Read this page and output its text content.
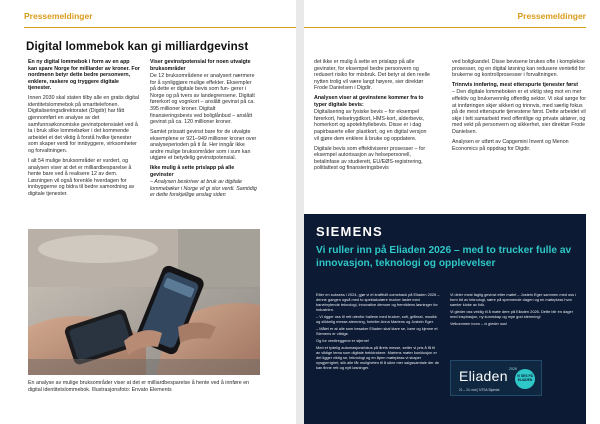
Pressemeldinger
Digital lommebok kan gi milliardgevinst

En ny digital lommebok i form av en app kan spare Norge for milliarder av kroner. For nordmenn betyr dette bedre personvern, enklere, raskere og tryggere digitale tjenester.

Innen 2030 skal staten tilby alle en gratis digital identitetslommebok på smarttelefonen. Digitaliseringsdirektoratet (Digdir) har fått gjennomført en analyse av det samfunnsøkonomiske gevinstpotensialet ved å ta i bruk slike lommebøker i det kommende arbeidet et det viktig å forstå hvilke tjenester som skaper verdi for innbyggere, virksomheter og forvaltningen.

I alt 54 mulige bruksområder er vurdert, og analysen viser at det er milliardbesparelse å hente bare ved å realisere 12 av dem. Løsningen vil også forenkle hverdagen for innbyggerne og bidra til bedre samordning av digitale tjenester.

Viser gevinstpotensial for noen utvalgte bruksområder

De 12 bruksområdene er analysert nærmere for å synliggjøre mulige effekter. Eksempler på dette er digitale bevis som fun- gerer i Norge og på tvers av landegrensene. Digitalt førerkort og vognkort – anslått gevinst på ca. 395 millioner kroner. Digitalt finansieringsbevis ved boliglånbud – anslått gevinst på ca. 120 millioner kroner.

Samlet prissatt gevinst bare for de utvalgte eksemplene er 921–949 millioner kroner over analyseperioden på ti år. Her inngår ikke andre mulige bruksområder som i sum kan utgjøre et betydelig gevinstpotensial.

Ikke mulig å sette prislapp på alle gevinster

– Analysen beskriver at bruk av digitale lommebøker i Norge vil gi stor verdi. Samtidig er dette forskjellige anslag siden

En analyse av mulige bruksområder viser at det er milliardbesparelse å hente ved å innføre en digital identitetslommebok. Illustrasjonsfoto: Envato Elements
Pressemeldinger

det ikke er mulig å sette en prislapp på alle gevinster, for eksempel bedre personvern og redusert risiko for misbruk. Det betyr at den reelle nytten trolig vil være langt høyere, sier direktør Frode Danielsen i Digdir.

Analysen viser at gevinstene kommer fra to typer digitale bevis:

Digitalisering av fysiske bevis – for eksempel førerkort, helsetrygdkort, HMS-kort, alderbevis, homerkort og apotekhyllebevis. Disse er i dag papirbaserte eller plastkort, og en digital versjon vil gjøre dem enklere å bruke og oppdatere.

Digitale bevis som effektiviserer prosesser – for eksempel autorisasjon av helsepersonell, betalinfase av studierett, EU/EØS-registrering, politiattest og finansieringsbevis

ved boligkandel. Disse bevisene brukes ofte i komplekse prosesser, og en digital løsning kan redusere ventetid for brukerne og kontrollprosesser i forvaltningen.

Trinnvis innføring, mest etterspurte tjenester først

– Den digitale lommeboken er et viktig steg mot en mer effektiv og brukervennlig offentlig sektor. Vi skal sørge for at innføringen skjer sikkert og trinnvis, med særlig fokus på de mest etterspurte tjenestene først. Dette arbeidet vil skje i tett samarbeid med offentlige og private aktører, og med vekt på personvern og sikkerhet, sier direktør Frode Danielsen.

Analysen er utført av Capgemini Invent og Menon Economics på oppdrag for Digdir.

SIEMENS
Vi ruller inn på Eliaden 2026 – med to trucker fulle av innovasjon, teknologi og opplevelser

Etter en suksess i 2024, gjør vi et kraftfullt comeback på Eliaden 2026 – denne gangen også med to spektakulære trucker lastet med banebrytende teknologi, innovative demoer og fremtidens løsninger for industrien.

– Vi rigger oss til rett utenfor hallene med trucker, sofi, grillmat, musikk og slikkelig messe-stemning, forteller Anna Martens og Jostein Eger.

– Målet er at alle som besøker Eliaden skal klare se, høre og kjenne et Siemens er viktige.

Og for verdireggene er stjerne!

Med et tydelig automasjonsfokus på årets messe, setter vi pris å få til av viktige tema som digitale trekktrakere. Martens møter konklusjon er det ligger viktig se, teknologi og en åpen møteplass vi skaper nysgjerrighet, slik alle får muligheten til å sikre mer salgssamtale der de kan finne rett og nytt løsninger.

Vi deler mest faglig gevinst etter møtet – Jostein Eger sammen med oss i form tid av teknologi, sære på spennende dagen og en møteplass hvor samler kloke av folk.

Vi gleder oss veldig til å møte dere på Eliaden 2026. Dette blir en dager med inspirasjon, ny kunnskap og mye god stemning!

Velkommen inom – vi gleder oss!

Eliaden 2026
21 – 24. mai | NTSA Stjørdal
VI SES PÅ ELIADEN
